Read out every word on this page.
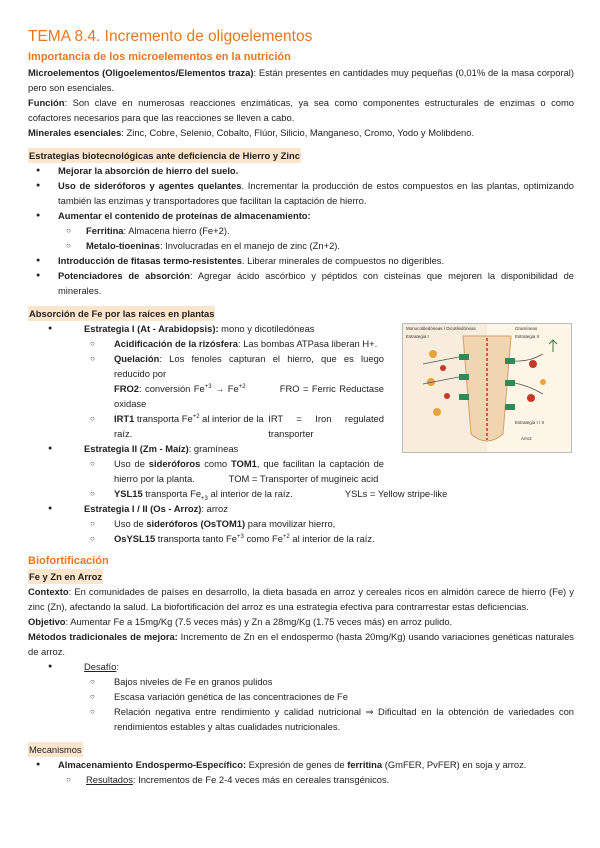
TEMA 8.4. Incremento de oligoelementos
Importancia de los microelementos en la nutrición

Microelementos (Oligoelementos/Elementos traza): Están presentes en cantidades muy pequeñas (0,01% de la masa corporal) pero son esenciales.

Función: Son clave en numerosas reacciones enzimáticas, ya sea como componentes estructurales de enzimas o como cofactores necesarios para que las reacciones se lleven a cabo.

Minerales esenciales: Zinc, Cobre, Selenio, Cobalto, Flúor, Silicio, Manganeso, Cromo, Yodo y Molibdeno.

Estrategias biotecnológicas ante deficiencia de Hierro y Zinc
● Mejorar la absorción de hierro del suelo.

● Uso de sideróforos y agentes quelantes. Incrementar la producción de estos compuestos en las plantas, optimizando también las enzimas y transportadores que facilitan la captación de hierro.

● Aumentar el contenido de proteínas de almacenamiento:
○ Ferritina: Almacena hierro (Fe+2).
○ Metalo-tioeninas: Involucradas en el manejo de zinc (Zn+2).
● Introducción de fitasas termo-resistentes. Liberar minerales de compuestos no digeribles.

● Potenciadores de absorción: Agregar ácido ascórbico y péptidos con cisteínas que mejoren la disponibilidad de minerales.

Absorción de Fe por las raíces en plantas
Monocotiledóneas / Dicotiledóneas
Estrategia I
Gramíneas
Estrategia II
Estrategia I / II
Arroz
● Estrategia I (At - Arabidopsis): mono y dicotiledóneas
○ Acidificación de la rizósfera: Las bombas ATPasa liberan H+.

○ Quelación: Los fenoles capturan el hierro, que es luego reducido por
FRO2: conversión $Fe^{+3} \to Fe^{+2}$	FRO = Ferric Reductase oxidase

○ IRT1 transporta $Fe^{+2}$ al interior de la raíz.
IRT = Iron regulated transporter
● Estrategia II (Zm - Maíz): gramíneas

○ Uso de sideróforos como TOM1, que facilitan la captación de hierro por la planta.	TOM = Transporter of mugineic acid

○ YSL15 transporta $Fe_{+3}$ al interior de la raíz.	YSLs = Yellow stripe-like
● Estrategia I / II (Os - Arroz): arroz
○ Uso de sideróforos (OsTOM1) para movilizar hierro,
○ OsYSL15 transporta tanto $Fe^{+3}$ como $Fe^{+2}$ al interior de la raíz.
Biofortificación
Fe y Zn en Arroz

Contexto: En comunidades de países en desarrollo, la dieta basada en arroz y cereales ricos en almidón carece de hierro (Fe) y zinc (Zn), afectando la salud. La biofortificación del arroz es una estrategia efectiva para contrarrestar estas deficiencias.

Objetivo: Aumentar Fe a 15mg/Kg (7.5 veces más) y Zn a 28mg/Kg (1.75 veces más) en arroz pulido.

Métodos tradicionales de mejora: Incremento de Zn en el endospermo (hasta 20mg/Kg) usando variaciones genéticas naturales de arroz.

● Desafío:
○ Bajos niveles de Fe en granos pulidos
○ Escasa variación genética de las concentraciones de Fe

○ Relación negativa entre rendimiento y calidad nutricional ⇒ Dificultad en la obtención de variedades con rendimientos estables y altas cualidades nutricionales.

Mecanismos
● Almacenamiento Endospermo-Específico: Expresión de genes de ferritina (GmFER, PvFER) en soja y arroz.
○ Resultados: Incrementos de Fe 2-4 veces más en cereales transgénicos.
